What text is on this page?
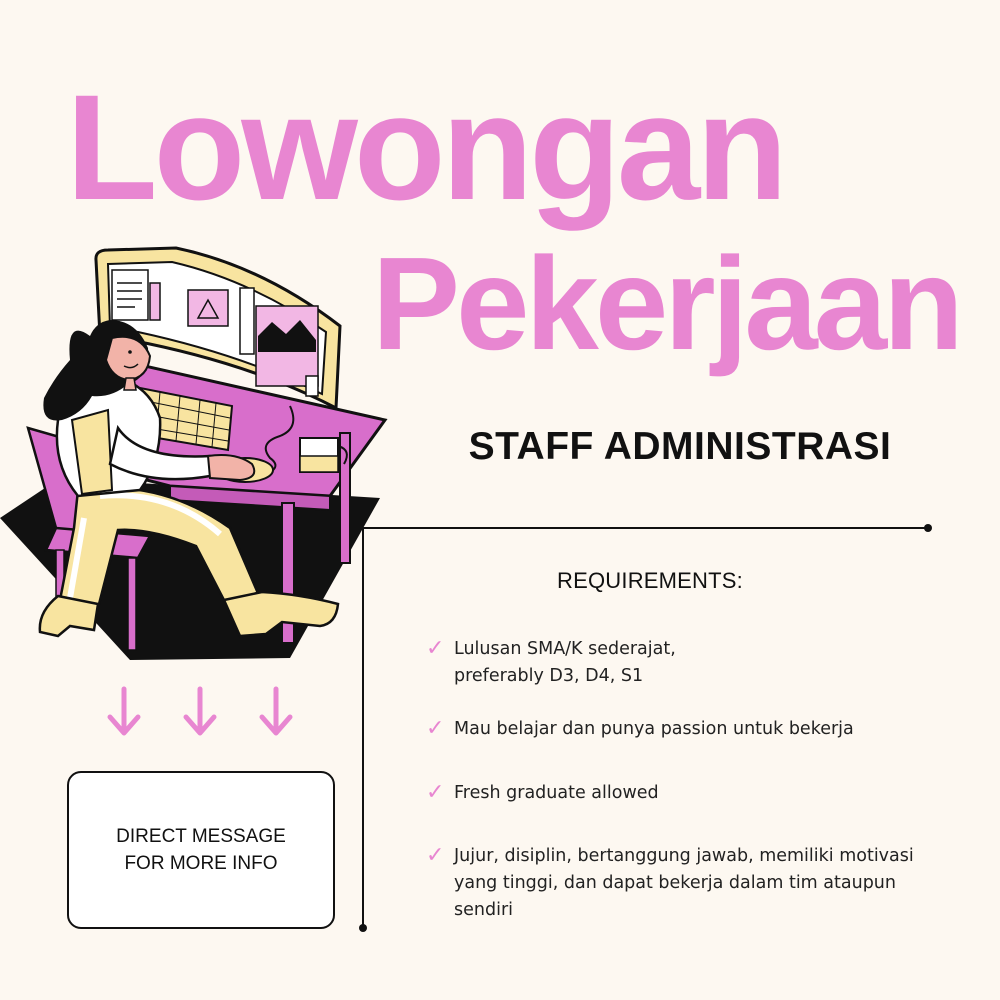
Lowongan
Pekerjaan
STAFF ADMINISTRASI
REQUIREMENTS:
✓ Lulusan SMA/K sederajat,
preferably D3, D4, S1
✓ Mau belajar dan punya passion untuk bekerja
✓ Fresh graduate allowed
✓ Jujur, disiplin, bertanggung jawab, memiliki motivasi
yang tinggi, dan dapat bekerja dalam tim ataupun
sendiri
DIRECT MESSAGE
FOR MORE INFO
